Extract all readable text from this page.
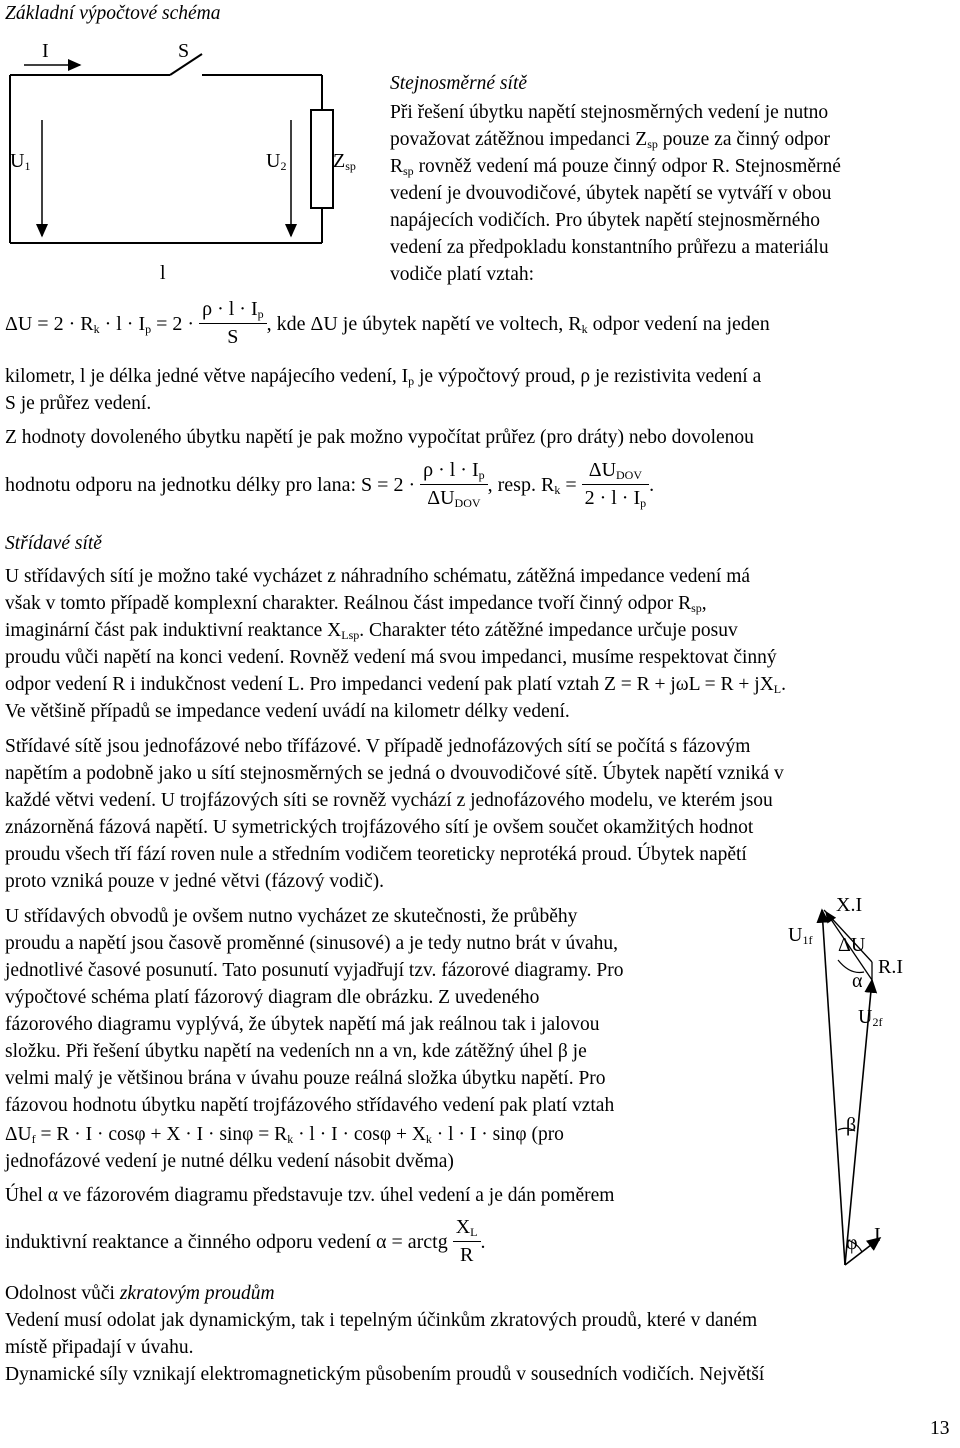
Základní výpočtové schéma
I	S
$U_1$	$U_2$ $Z_{sp}$
l
Stejnosměrné sítě
Při řešení úbytku napětí stejnosměrných vedení je nutno
považovat zátěžnou impedanci $Z_{sp}$ pouze za činný odpor
$R_{sp}$ rovněž vedení má pouze činný odpor R. Stejnosměrné
vedení je dvouvodičové, úbytek napětí se vytváří v obou
napájecích vodičích. Pro úbytek napětí stejnosměrného
vedení za předpokladu konstantního průřezu a materiálu
vodiče platí vztah:
$\Delta U = 2 \cdot R_k \cdot l \cdot I_p = 2 \cdot \frac{\rho \cdot l \cdot I_p}{S}$ , kde ΔU je úbytek napětí ve voltech, $R_k$ odpor vedení na jeden
kilometr, l je délka jedné větve napájecího vedení, $I_p$ je výpočtový proud, ρ je rezistivita vedení a
S je průřez vedení.
Z hodnoty dovoleného úbytku napětí je pak možno vypočítat průřez (pro dráty) nebo dovolenou
hodnotu odporu na jednotku délky pro lana: $S = 2 \cdot \frac{\rho \cdot l \cdot I_p}{\Delta U_{DOV}}$ , resp. $R_k = \frac{\Delta U_{DOV}}{2 \cdot l \cdot I_p}$ .
Střídavé sítě
U střídavých sítí je možno také vycházet z náhradního schématu, zátěžná impedance vedení má
však v tomto případě komplexní charakter. Reálnou část impedance tvoří činný odpor $R_{sp}$,
imaginární část pak induktivní reaktance $X_{Lsp}$. Charakter této zátěžné impedance určuje posuv
proudu vůči napětí na konci vedení. Rovněž vedení má svou impedanci, musíme respektovat činný
odpor vedení R i indukčnost vedení L. Pro impedanci vedení pak platí vztah $Z = R + j\omega L = R + jX_L$.
Ve většině případů se impedance vedení uvádí na kilometr délky vedení.
Střídavé sítě jsou jednofázové nebo třífázové. V případě jednofázových sítí se počítá s fázovým
napětím a podobně jako u sítí stejnosměrných se jedná o dvouvodičové sítě. Úbytek napětí vzniká v
každé větvi vedení. U trojfázových síti se rovněž vychází z jednofázového modelu, ve kterém jsou
znázorněná fázová napětí. U symetrických trojfázového sítí je ovšem součet okamžitých hodnot
proudu všech tří fází roven nule a středním vodičem teoreticky neprotéká proud. Úbytek napětí
proto vzniká pouze v jedné větvi (fázový vodič).
U střídavých obvodů je ovšem nutno vycházet ze skutečnosti, že průběhy
proudu a napětí jsou časově proměnné (sinusové) a je tedy nutno brát v úvahu,
jednotlivé časové posunutí. Tato posunutí vyjadřují tzv. fázorové diagramy. Pro
výpočtové schéma platí fázorový diagram dle obrázku. Z uvedeného
fázorového diagramu vyplývá, že úbytek napětí má jak reálnou tak i jalovou
složku. Při řešení úbytku napětí na vedeních nn a vn, kde zátěžný úhel β je
velmi malý je většinou brána v úvahu pouze reálná složka úbytku napětí. Pro
fázovou hodnotu úbytku napětí trojfázového střídavého vedení pak platí vztah
$\Delta U_f = R \cdot I \cdot \cos\varphi + X \cdot I \cdot \sin\varphi = R_k \cdot l \cdot I \cdot \cos\varphi + X_k \cdot l \cdot I \cdot \sin\varphi$ (pro
jednofázové vedení je nutné délku vedení násobit dvěma)
Úhel α ve fázorovém diagramu představuje tzv. úhel vedení a je dán poměrem
induktivní reaktance a činného odporu vedení α = arctg $\frac{X_L}{R}$ .
X.I
$U_{1f}$ ΔU
R.I
α
$U_{2f}$
β
I
φ
Odolnost vůči zkratovým proudům
Vedení musí odolat jak dynamickým, tak i tepelným účinkům zkratových proudů, které v daném
místě připadají v úvahu.
Dynamické síly vznikají elektromagnetickým působením proudů v sousedních vodičích. Největší
13
